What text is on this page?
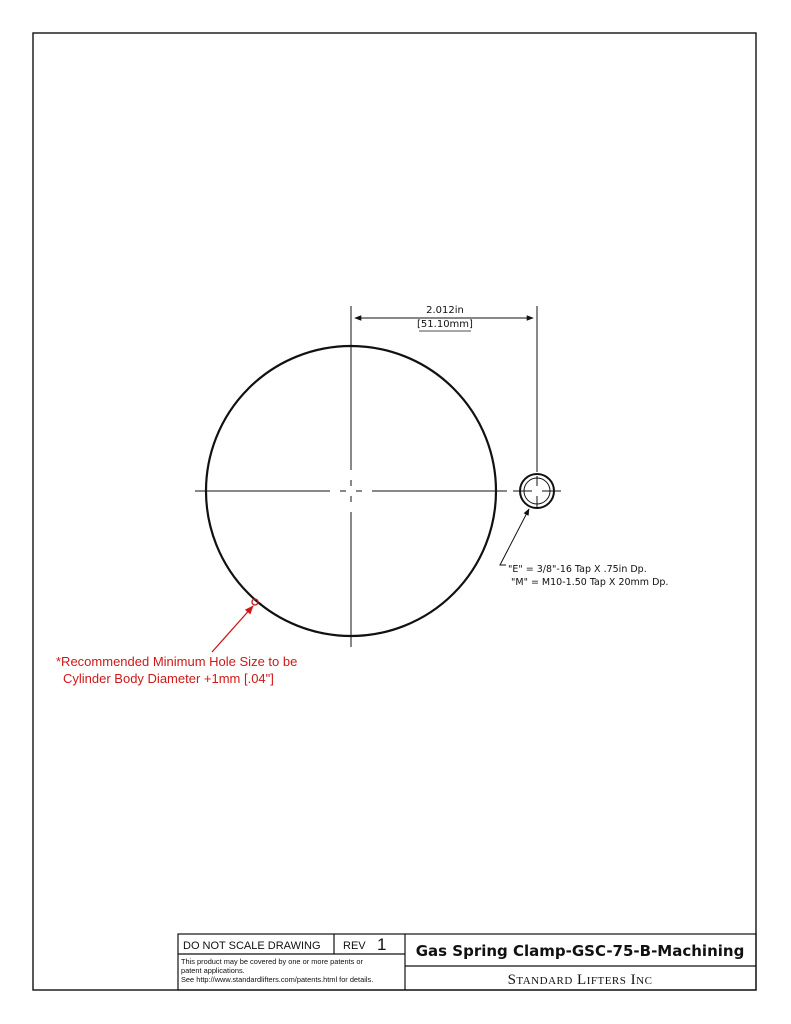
2.012in
[51.10mm]
"E" = 3/8"-16 Tap X .75in Dp.
"M" = M10-1.50 Tap X 20mm Dp.
*Recommended Minimum Hole Size to be
Cylinder Body Diameter +1mm [.04"]
DO NOT SCALE DRAWING REV 1
This product may be covered by one or more patents or
patent applications.
See http://www.standardlifters.com/patents.html for details.
Gas Spring Clamp-GSC-75-B-Machining
Standard Lifters Inc
